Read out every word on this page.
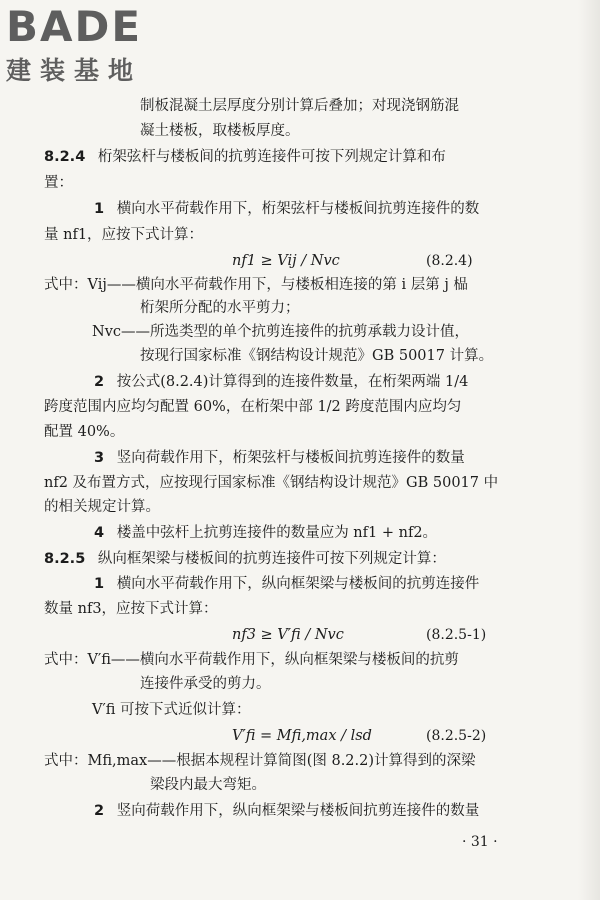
BADE
建装基地
制板混凝土层厚度分别计算后叠加；对现浇钢筋混
凝土楼板，取楼板厚度。
8.2.4 桁架弦杆与楼板间的抗剪连接件可按下列规定计算和布
置：
1 横向水平荷载作用下，桁架弦杆与楼板间抗剪连接件的数
量 nf1，应按下式计算：
nf1 ≥ Vij / Nvc	(8.2.4)
式中：Vij——横向水平荷载作用下，与楼板相连接的第 i 层第 j 榀
桁架所分配的水平剪力；
Nvc——所选类型的单个抗剪连接件的抗剪承载力设计值，
按现行国家标准《钢结构设计规范》GB 50017 计算。
2 按公式(8.2.4)计算得到的连接件数量，在桁架两端 1/4
跨度范围内应均匀配置 60%，在桁架中部 1/2 跨度范围内应均匀
配置 40%。
3 竖向荷载作用下，桁架弦杆与楼板间抗剪连接件的数量
nf2 及布置方式，应按现行国家标准《钢结构设计规范》GB 50017 中
的相关规定计算。
4 楼盖中弦杆上抗剪连接件的数量应为 nf1 + nf2。
8.2.5 纵向框架梁与楼板间的抗剪连接件可按下列规定计算：
1 横向水平荷载作用下，纵向框架梁与楼板间的抗剪连接件
数量 nf3，应按下式计算：
nf3 ≥ V′fi / Nvc	(8.2.5-1)
式中：V′fi——横向水平荷载作用下，纵向框架梁与楼板间的抗剪
连接件承受的剪力。
V′fi 可按下式近似计算：
V′fi = Mfi,max / lsd	(8.2.5-2)
式中：Mfi,max——根据本规程计算简图(图 8.2.2)计算得到的深梁
梁段内最大弯矩。
2 竖向荷载作用下，纵向框架梁与楼板间抗剪连接件的数量
· 31 ·
